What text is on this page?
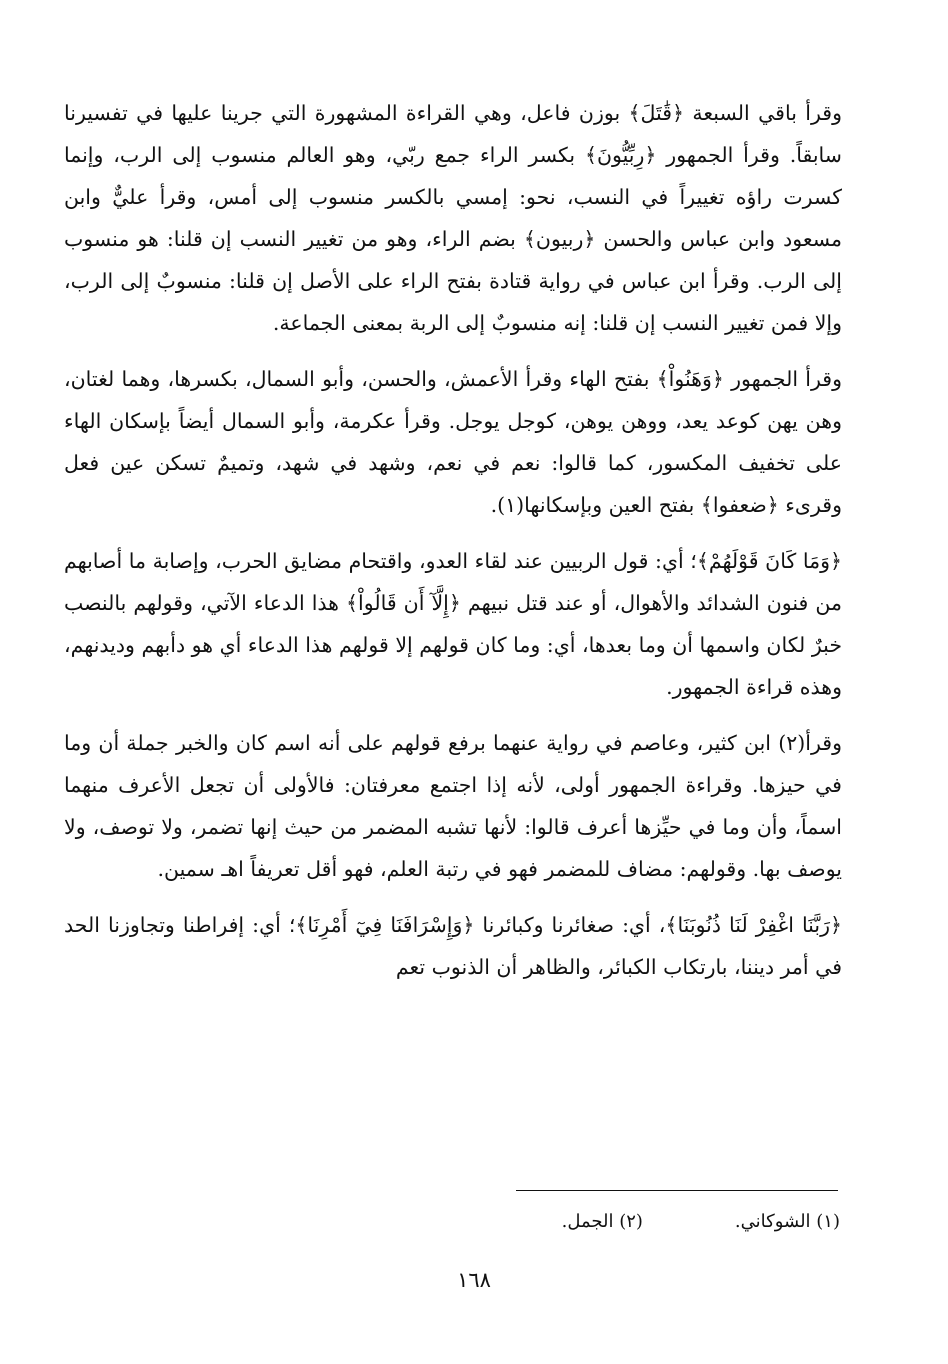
وقرأ باقي السبعة ﴿قَٰتَلَ﴾ بوزن فاعل، وهي القراءة المشهورة التي جرينا عليها في تفسيرنا سابقاً. وقرأ الجمهور ﴿رِبِّيُّونَ﴾ بكسر الراء جمع ربّي، وهو العالم منسوب إلى الرب، وإنما كسرت راؤه تغييراً في النسب، نحو: إمسي بالكسر منسوب إلى أمس، وقرأ عليٌّ وابن مسعود وابن عباس والحسن ﴿ربيون﴾ بضم الراء، وهو من تغيير النسب إن قلنا: هو منسوب إلى الرب. وقرأ ابن عباس في رواية قتادة بفتح الراء على الأصل إن قلنا: منسوبٌ إلى الرب، وإلا فمن تغيير النسب إن قلنا: إنه منسوبٌ إلى الربة بمعنى الجماعة.

وقرأ الجمهور ﴿وَهَنُواْ﴾ بفتح الهاء وقرأ الأعمش، والحسن، وأبو السمال، بكسرها، وهما لغتان، وهن يهن كوعد يعد، ووهن يوهن، كوجل يوجل. وقرأ عكرمة، وأبو السمال أيضاً بإسكان الهاء على تخفيف المكسور، كما قالوا: نعم في نعم، وشهد في شهد، وتميمٌ تسكن عين فعل وقرىء ﴿ضعفوا﴾ بفتح العين وبإسكانها(١).

﴿وَمَا كَانَ قَوْلَهُمْ﴾؛ أي: قول الربيين عند لقاء العدو، واقتحام مضايق الحرب، وإصابة ما أصابهم من فنون الشدائد والأهوال، أو عند قتل نبيهم ﴿إِلَّآ أَن قَالُواْ﴾ هذا الدعاء الآتي، وقولهم بالنصب خبرٌ لكان واسمها أن وما بعدها، أي: وما كان قولهم إلا قولهم هذا الدعاء أي هو دأبهم وديدنهم، وهذه قراءة الجمهور.

وقرأ(٢) ابن كثير، وعاصم في رواية عنهما برفع قولهم على أنه اسم كان والخبر جملة أن وما في حيزها. وقراءة الجمهور أولى، لأنه إذا اجتمع معرفتان: فالأولى أن تجعل الأعرف منهما اسماً، وأن وما في حيِّزها أعرف قالوا: لأنها تشبه المضمر من حيث إنها تضمر، ولا توصف، ولا يوصف بها. وقولهم: مضاف للمضمر فهو في رتبة العلم، فهو أقل تعريفاً اهـ سمين.

﴿رَبَّنَا اغْفِرْ لَنَا ذُنُوبَنَا﴾، أي: صغائرنا وكبائرنا ﴿وَإِسْرَافَنَا فِيٓ أَمْرِنَا﴾؛ أي: إفراطنا وتجاوزنا الحد في أمر ديننا، بارتكاب الكبائر، والظاهر أن الذنوب تعم

(١) الشوكاني.
(٢) الجمل.
١٦٨
